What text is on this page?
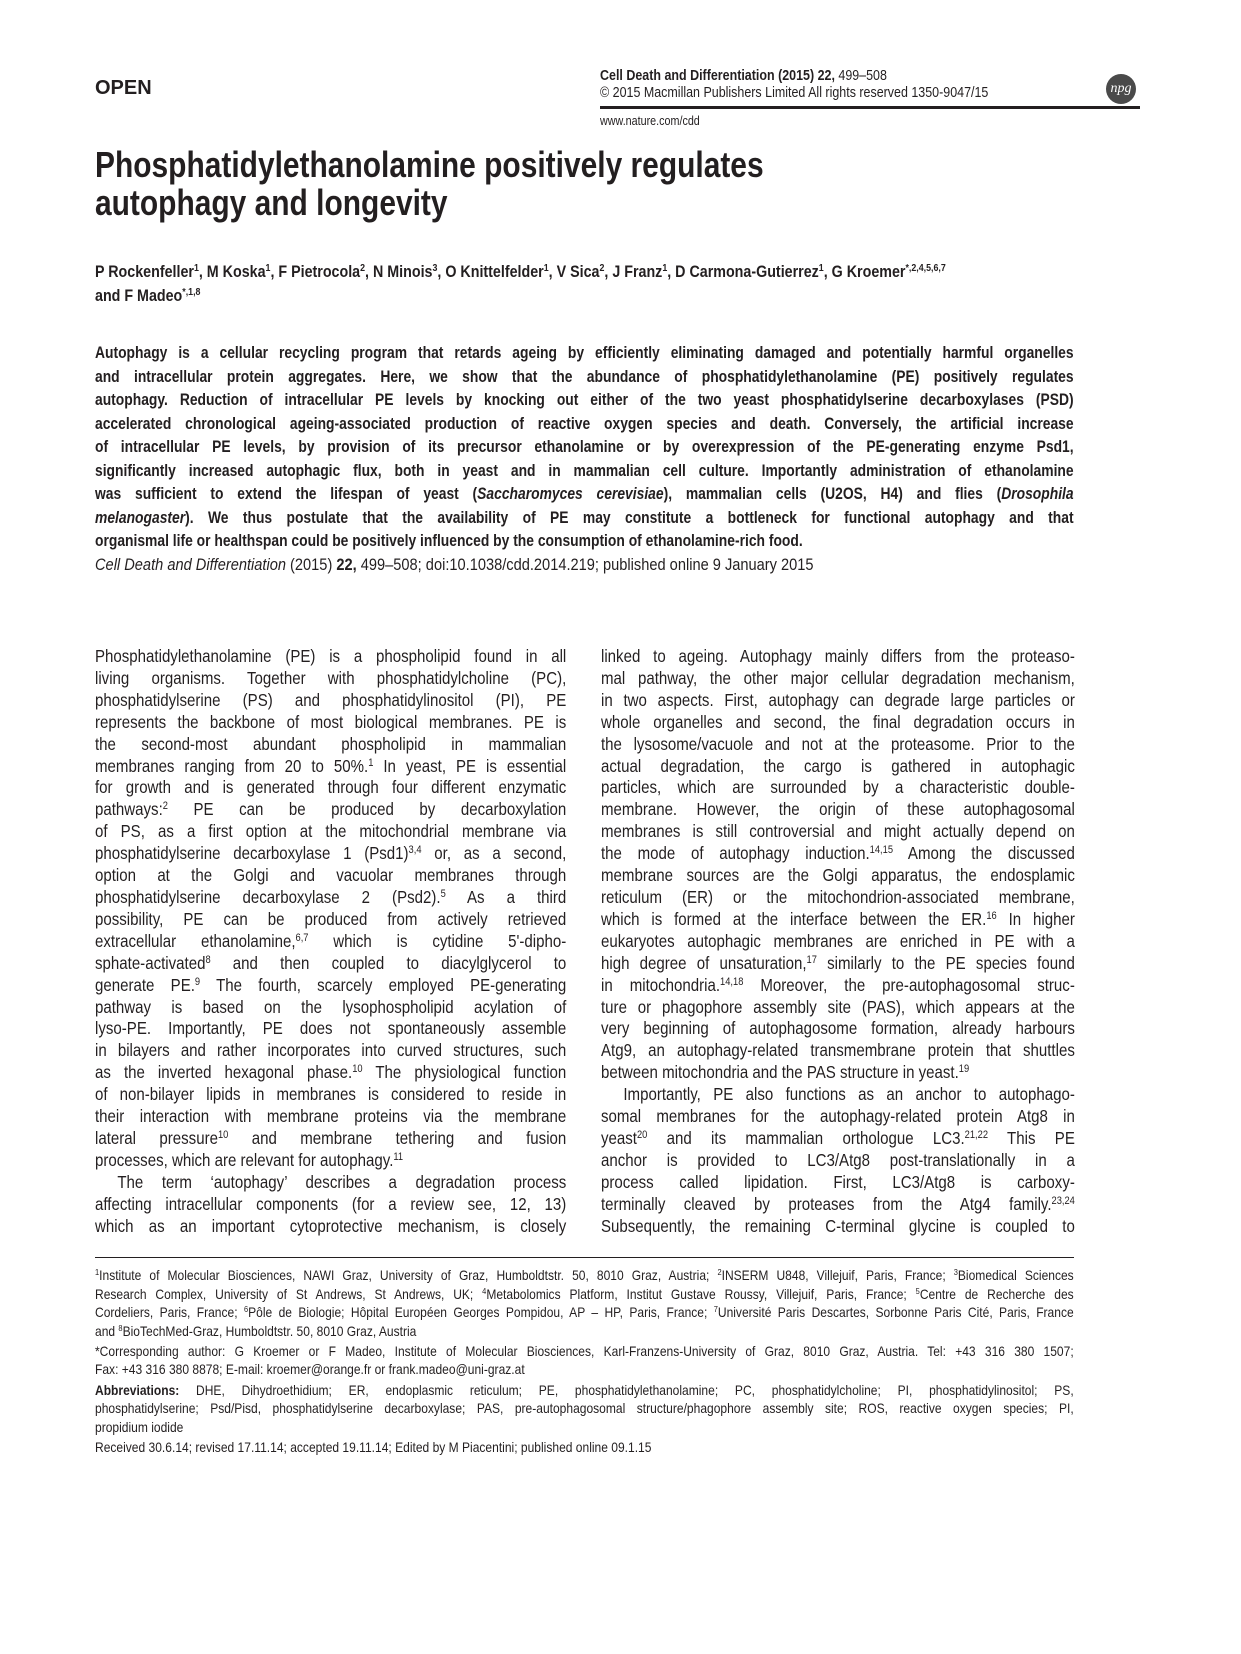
OPEN
Cell Death and Differentiation (2015) 22, 499–508
© 2015 Macmillan Publishers Limited All rights reserved 1350-9047/15
www.nature.com/cdd
npg
Phosphatidylethanolamine positively regulates
autophagy and longevity
P Rockenfeller$^1$, M Koska$^1$, F Pietrocola$^2$, N Minois$^3$, O Knittelfelder$^1$, V Sica$^2$, J Franz$^1$, D Carmona-Gutierrez$^1$, G Kroemer$^{*,2,4,5,6,7}$
and F Madeo$^{*,1,8}$
Autophagy is a cellular recycling program that retards ageing by efficiently eliminating damaged and potentially harmful organelles
and intracellular protein aggregates. Here, we show that the abundance of phosphatidylethanolamine (PE) positively regulates
autophagy. Reduction of intracellular PE levels by knocking out either of the two yeast phosphatidylserine decarboxylases (PSD)
accelerated chronological ageing-associated production of reactive oxygen species and death. Conversely, the artificial increase
of intracellular PE levels, by provision of its precursor ethanolamine or by overexpression of the PE-generating enzyme Psd1,
significantly increased autophagic flux, both in yeast and in mammalian cell culture. Importantly administration of ethanolamine
was sufficient to extend the lifespan of yeast (Saccharomyces cerevisiae), mammalian cells (U2OS, H4) and flies (Drosophila
melanogaster). We thus postulate that the availability of PE may constitute a bottleneck for functional autophagy and that
organismal life or healthspan could be positively influenced by the consumption of ethanolamine-rich food.
Cell Death and Differentiation (2015) 22, 499–508; doi:10.1038/cdd.2014.219; published online 9 January 2015
Phosphatidylethanolamine (PE) is a phospholipid found in all
living organisms. Together with phosphatidylcholine (PC),
phosphatidylserine (PS) and phosphatidylinositol (PI), PE
represents the backbone of most biological membranes. PE is
the second-most abundant phospholipid in mammalian
membranes ranging from 20 to 50%.$^1$ In yeast, PE is essential
for growth and is generated through four different enzymatic
pathways:$^2$ PE can be produced by decarboxylation
of PS, as a first option at the mitochondrial membrane via
phosphatidylserine decarboxylase 1 $(Psd1)^{3,4}$ or, as a second,
option at the Golgi and vacuolar membranes through
phosphatidylserine decarboxylase 2 (Psd2).$^5$ As a third
possibility, PE can be produced from actively retrieved
extracellular ethanolamine,$^{6,7}$ which is cytidine 5'-dipho-
sphate-activated$^8$ and then coupled to diacylglycerol to
generate PE.$^9$ The fourth, scarcely employed PE-generating
pathway is based on the lysophospholipid acylation of
lyso-PE. Importantly, PE does not spontaneously assemble
in bilayers and rather incorporates into curved structures, such
as the inverted hexagonal phase.$^{10}$ The physiological function
of non-bilayer lipids in membranes is considered to reside in
their interaction with membrane proteins via the membrane
lateral pressure$^{10}$ and membrane tethering and fusion
processes, which are relevant for autophagy.$^{11}$
The term ‘autophagy’ describes a degradation process
affecting intracellular components (for a review see, 12, 13)
which as an important cytoprotective mechanism, is closely
linked to ageing. Autophagy mainly differs from the proteaso-
mal pathway, the other major cellular degradation mechanism,
in two aspects. First, autophagy can degrade large particles or
whole organelles and second, the final degradation occurs in
the lysosome/vacuole and not at the proteasome. Prior to the
actual degradation, the cargo is gathered in autophagic
particles, which are surrounded by a characteristic double-
membrane. However, the origin of these autophagosomal
membranes is still controversial and might actually depend on
the mode of autophagy induction.$^{14,15}$ Among the discussed
membrane sources are the Golgi apparatus, the endosplamic
reticulum (ER) or the mitochondrion-associated membrane,
which is formed at the interface between the ER.$^{16}$ In higher
eukaryotes autophagic membranes are enriched in PE with a
high degree of unsaturation,$^{17}$ similarly to the PE species found
in mitochondria.$^{14,18}$ Moreover, the pre-autophagosomal struc-
ture or phagophore assembly site (PAS), which appears at the
very beginning of autophagosome formation, already harbours
Atg9, an autophagy-related transmembrane protein that shuttles
between mitochondria and the PAS structure in yeast.$^{19}$
Importantly, PE also functions as an anchor to autophago-
somal membranes for the autophagy-related protein Atg8 in
yeast$^{20}$ and its mammalian orthologue LC3.$^{21,22}$ This PE
anchor is provided to LC3/Atg8 post-translationally in a
process called lipidation. First, LC3/Atg8 is carboxy-
terminally cleaved by proteases from the Atg4 family.$^{23,24}$
Subsequently, the remaining C-terminal glycine is coupled to
$^1$Institute of Molecular Biosciences, NAWI Graz, University of Graz, Humboldtstr. 50, 8010 Graz, Austria; $^2$INSERM U848, Villejuif, Paris, France; $^3$Biomedical Sciences
Research Complex, University of St Andrews, St Andrews, UK; $^4$Metabolomics Platform, Institut Gustave Roussy, Villejuif, Paris, France; $^5$Centre de Recherche des
Cordeliers, Paris, France; $^6$Pôle de Biologie; Hôpital Européen Georges Pompidou, AP – HP, Paris, France; $^7$Université Paris Descartes, Sorbonne Paris Cité, Paris, France
and $^8$BioTechMed-Graz, Humboldtstr. 50, 8010 Graz, Austria
*Corresponding author: G Kroemer or F Madeo, Institute of Molecular Biosciences, Karl-Franzens-University of Graz, 8010 Graz, Austria. Tel: +43 316 380 1507;
Fax: +43 316 380 8878; E-mail: kroemer@orange.fr or frank.madeo@uni-graz.at
Abbreviations: DHE, Dihydroethidium; ER, endoplasmic reticulum; PE, phosphatidylethanolamine; PC, phosphatidylcholine; PI, phosphatidylinositol; PS,
phosphatidylserine; Psd/Pisd, phosphatidylserine decarboxylase; PAS, pre-autophagosomal structure/phagophore assembly site; ROS, reactive oxygen species; PI,
propidium iodide
Received 30.6.14; revised 17.11.14; accepted 19.11.14; Edited by M Piacentini; published online 09.1.15
